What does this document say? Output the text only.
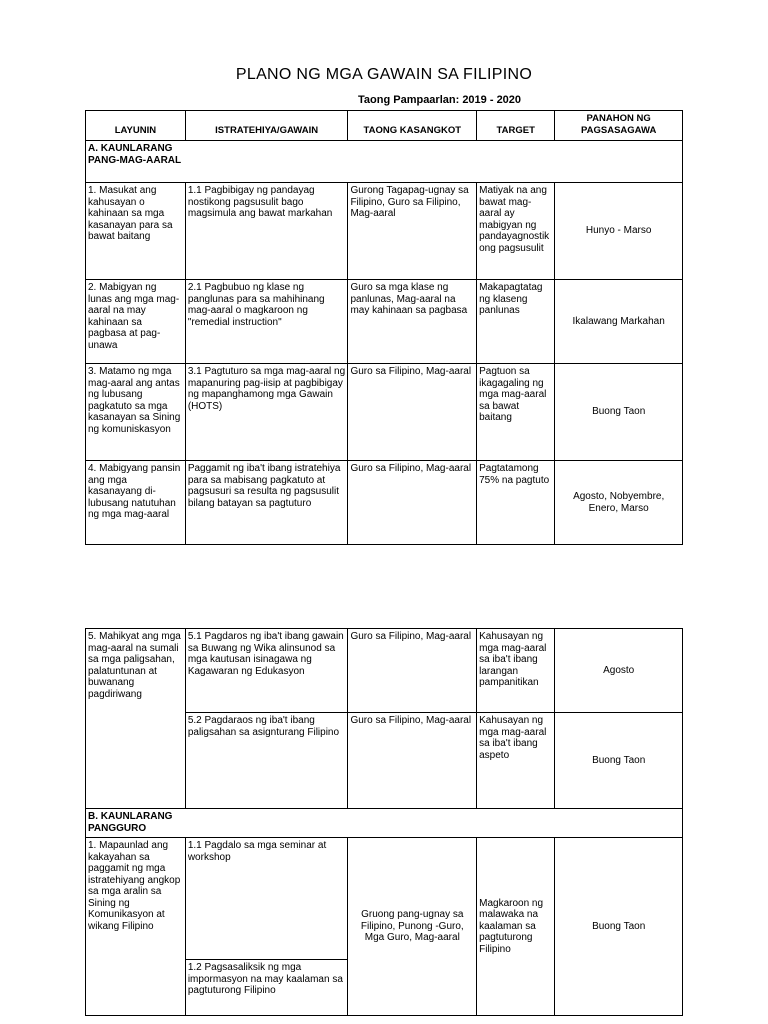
PLANO NG MGA GAWAIN SA FILIPINO
Taong Pampaarlan: 2019 - 2020
LAYUNIN	ISTRATEHIYA/GAWAIN	TAONG KASANGKOT	TARGET	PANAHON NG PAGSASAGAWA
A. KAUNLARANG PANG-MAG-AARAL				
1. Masukat ang kahusayan o kahinaan sa mga kasanayan para sa bawat baitang	1.1 Pagbibigay ng pandayag nostikong pagsusulit bago magsimula ang bawat markahan	Gurong Tagapag-ugnay sa Filipino, Guro sa Filipino, Mag-aaral	Matiyak na ang bawat mag-aaral ay mabigyan ng pandayagnostik ong pagsusulit	Hunyo - Marso
2. Mabigyan ng lunas ang mga mag-aaral na may kahinaan sa pagbasa at pag-unawa	2.1 Pagbubuo ng klase ng panglunas para sa mahihinang mag-aaral o magkaroon ng "remedial instruction"	Guro sa mga klase ng panlunas, Mag-aaral na may kahinaan sa pagbasa	Makapagtatag ng klaseng panlunas	Ikalawang Markahan
3. Matamo ng mga mag-aaral ang antas ng lubusang pagkatuto sa mga kasanayan sa Sining ng komuniskasyon	3.1 Pagtuturo sa mga mag-aaral ng mapanuring pag-iisip at pagbibigay ng mapanghamong mga Gawain (HOTS)	Guro sa Filipino, Mag-aaral	Pagtuon sa ikagagaling ng mga mag-aaral sa bawat baitang	Buong Taon
4. Mabigyang pansin ang mga kasanayang di-lubusang natutuhan ng mga mag-aaral	Paggamit ng iba't ibang istratehiya para sa mabisang pagkatuto at pagsusuri sa resulta ng pagsusulit bilang batayan sa pagtuturo	Guro sa Filipino, Mag-aaral	Pagtatamong 75% na pagtuto	Agosto, Nobyembre, Enero, Marso
5. Mahikyat ang mga mag-aaral na sumali sa mga paligsahan, palatuntunan at buwanang pagdiriwang	5.1 Pagdaros ng iba't ibang gawain sa Buwang ng Wika alinsunod sa mga kautusan isinagawa ng Kagawaran ng Edukasyon	Guro sa Filipino, Mag-aaral	Kahusayan ng mga mag-aaral sa iba't ibang larangan pampanitikan	Agosto
	5.2 Pagdaraos ng iba't ibang paligsahan sa asignturang Filipino	Guro sa Filipino, Mag-aaral	Kahusayan ng mga mag-aaral sa iba't ibang aspeto	Buong Taon
B. KAUNLARANG PANGGURO				
1. Mapaunlad ang kakayahan sa paggamit ng mga istratehiyang angkop sa mga aralin sa Sining ng Komunikasyon at wikang Filipino	1.1 Pagdalo sa mga seminar at workshop	Gruong pang-ugnay sa Filipino, Punong -Guro, Mga Guro, Mag-aaral	Magkaroon ng malawaka na kaalaman sa pagtuturong Filipino	Buong Taon
	1.2 Pagsasaliksik ng mga impormasyon na may kaalaman sa pagtuturong Filipino			
